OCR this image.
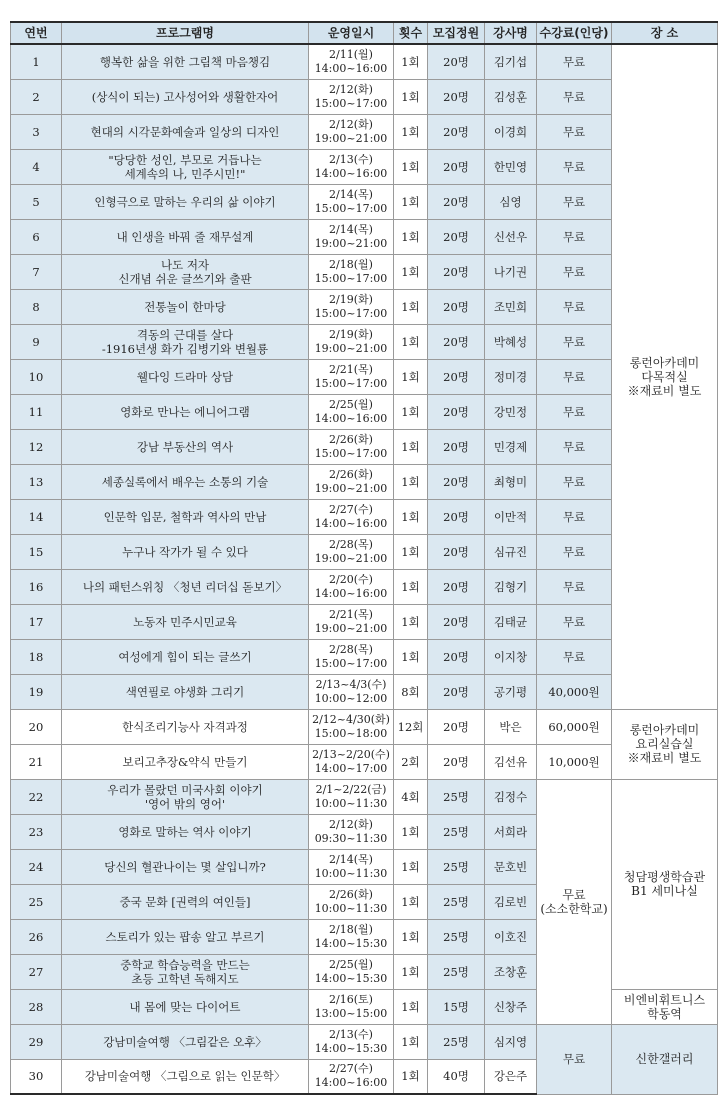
연번	프로그램명	운영일시	횟수	모집정원	강사명	수강료(인당)	장 소
1	행복한 삶을 위한 그림책 마음챙김	2/11(월)
14:00~16:00	1회	20명	김기섭	무료	롱런아카데미
다목적실
※재료비 별도
2	(상식이 되는) 고사성어와 생활한자어	2/12(화)
15:00~17:00	1회	20명	김성훈	무료	
3	현대의 시각문화예술과 일상의 디자인	2/12(화)
19:00~21:00	1회	20명	이경희	무료	
4	"당당한 성인, 부모로 거듭나는
세계속의 나, 민주시민!"	2/13(수)
14:00~16:00	1회	20명	한민영	무료	
5	인형극으로 말하는 우리의 삶 이야기	2/14(목)
15:00~17:00	1회	20명	심영	무료	
6	내 인생을 바꿔 줄 재무설계	2/14(목)
19:00~21:00	1회	20명	신선우	무료	
7	나도 저자
신개념 쉬운 글쓰기와 출판	2/18(월)
15:00~17:00	1회	20명	나기권	무료	
8	전통놀이 한마당	2/19(화)
15:00~17:00	1회	20명	조민희	무료	
9	격동의 근대를 살다
-1916년생 화가 김병기와 변월룡	2/19(화)
19:00~21:00	1회	20명	박혜성	무료	
10	웰다잉 드라마 상담	2/21(목)
15:00~17:00	1회	20명	정미경	무료	
11	영화로 만나는 에니어그램	2/25(월)
14:00~16:00	1회	20명	강민정	무료	
12	강남 부동산의 역사	2/26(화)
15:00~17:00	1회	20명	민경제	무료	
13	세종실록에서 배우는 소통의 기술	2/26(화)
19:00~21:00	1회	20명	최형미	무료	
14	인문학 입문, 철학과 역사의 만남	2/27(수)
14:00~16:00	1회	20명	이만적	무료	
15	누구나 작가가 될 수 있다	2/28(목)
19:00~21:00	1회	20명	심규진	무료	
16	나의 패턴스위칭 〈청년 리더십 돋보기〉	2/20(수)
14:00~16:00	1회	20명	김형기	무료	
17	노동자 민주시민교육	2/21(목)
19:00~21:00	1회	20명	김태균	무료	
18	여성에게 힘이 되는 글쓰기	2/28(목)
15:00~17:00	1회	20명	이지창	무료	
19	색연필로 야생화 그리기	2/13~4/3(수)
10:00~12:00	8회	20명	공기평	40,000원	
20	한식조리기능사 자격과정	2/12~4/30(화)
15:00~18:00	12회	20명	박은	60,000원	롱런아카데미
요리실습실
※재료비 별도
21	보리고추장&약식 만들기	2/13~2/20(수)
14:00~17:00	2회	20명	김선유	10,000원	
22	우리가 몰랐던 미국사회 이야기
'영어 밖의 영어'	2/1~2/22(금)
10:00~11:30	4회	25명	김정수	무료
(소소한학교)	청담평생학습관
B1 세미나실
23	영화로 말하는 역사 이야기	2/12(화)
09:30~11:30	1회	25명	서희라		
24	당신의 혈관나이는 몇 살입니까?	2/14(목)
10:00~11:30	1회	25명	문호빈		
25	중국 문화 [권력의 여인들]	2/26(화)
10:00~11:30	1회	25명	김로빈		
26	스토리가 있는 팝송 알고 부르기	2/18(월)
14:00~15:30	1회	25명	이호진		
27	중학교 학습능력을 만드는
초등 고학년 독해지도	2/25(월)
14:00~15:30	1회	25명	조창훈		
28	내 몸에 맞는 다이어트	2/16(토)
13:00~15:00	1회	15명	신창주		비엔비휘트니스
학동역
29	강남미술여행 〈그림같은 오후〉	2/13(수)
14:00~15:30	1회	25명	심지영	무료	신한갤러리
30	강남미술여행 〈그림으로 읽는 인문학〉	2/27(수)
14:00~16:00	1회	40명	강은주		
